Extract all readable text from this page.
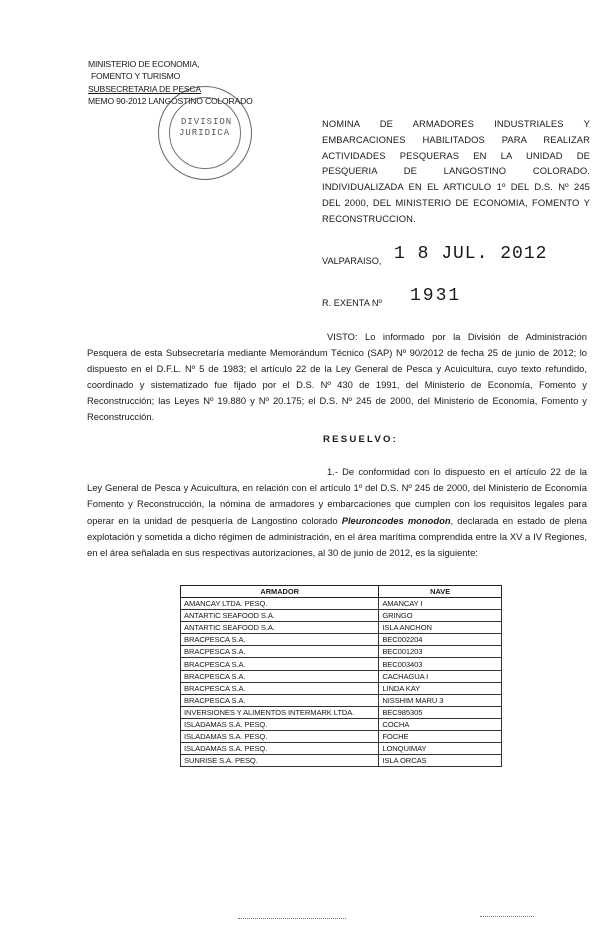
MINISTERIO DE ECONOMIA,
FOMENTO Y TURISMO
SUBSECRETARIA DE PESCA
MEMO 90-2012 LANGOSTINO COLORADO
DIVISION
JURIDICA
NOMINA DE ARMADORES INDUSTRIALES Y EMBARCACIONES HABILITADOS PARA REALIZAR ACTIVIDADES PESQUERAS EN LA UNIDAD DE PESQUERIA DE LANGOSTINO COLORADO. INDIVIDUALIZADA EN EL ARTICULO 1º DEL D.S. Nº 245 DEL 2000, DEL MINISTERIO DE ECONOMIA, FOMENTO Y RECONSTRUCCION.
VALPARAISO, 1 8 JUL. 2012
R. EXENTA Nº 1931
VISTO: Lo informado por la División de Administración Pesquera de esta Subsecretaría mediante Memorándum Técnico (SAP) Nº 90/2012 de fecha 25 de junio de 2012; lo dispuesto en el D.F.L. Nº 5 de 1983; el artículo 22 de la Ley General de Pesca y Acuicultura, cuyo texto refundido, coordinado y sistematizado fue fijado por el D.S. Nº 430 de 1991, del Ministerio de Economía, Fomento y Reconstrucción; las Leyes Nº 19.880 y Nº 20.175; el D.S. Nº 245 de 2000, del Ministerio de Economía, Fomento y Reconstrucción.
RESUELVO:
1.- De conformidad con lo dispuesto en el artículo 22 de la Ley General de Pesca y Acuicultura, en relación con el artículo 1º del D.S. Nº 245 de 2000, del Ministerio de Economía Fomento y Reconstrucción, la nómina de armadores y embarcaciones que cumplen con los requisitos legales para operar en la unidad de pesquería de Langostino colorado Pleuroncodes monodon, declarada en estado de plena explotación y sometida a dicho régimen de administración, en el área marítima comprendida entre la XV a IV Regiones, en el área señalada en sus respectivas autorizaciones, al 30 de junio de 2012, es la siguiente:
ARMADOR	NAVE
AMANCAY LTDA. PESQ.	AMANCAY I
ANTARTIC SEAFOOD S.A.	GRINGO
ANTARTIC SEAFOOD S.A.	ISLA ANCHON
BRACPESCA S.A.	BEC002204
BRACPESCA S.A.	BEC001203
BRACPESCA S.A.	BEC003403
BRACPESCA S.A.	CACHAGUA I
BRACPESCA S.A.	LINDA KAY
BRACPESCA S.A.	NISSHIM MARU 3
INVERSIONES Y ALIMENTOS INTERMARK LTDA.	BEC985305
ISLADAMAS S.A. PESQ.	COCHA
ISLADAMAS S.A. PESQ.	FOCHE
ISLADAMAS S.A. PESQ.	LONQUIMAY
SUNRISE S.A. PESQ.	ISLA ORCAS
